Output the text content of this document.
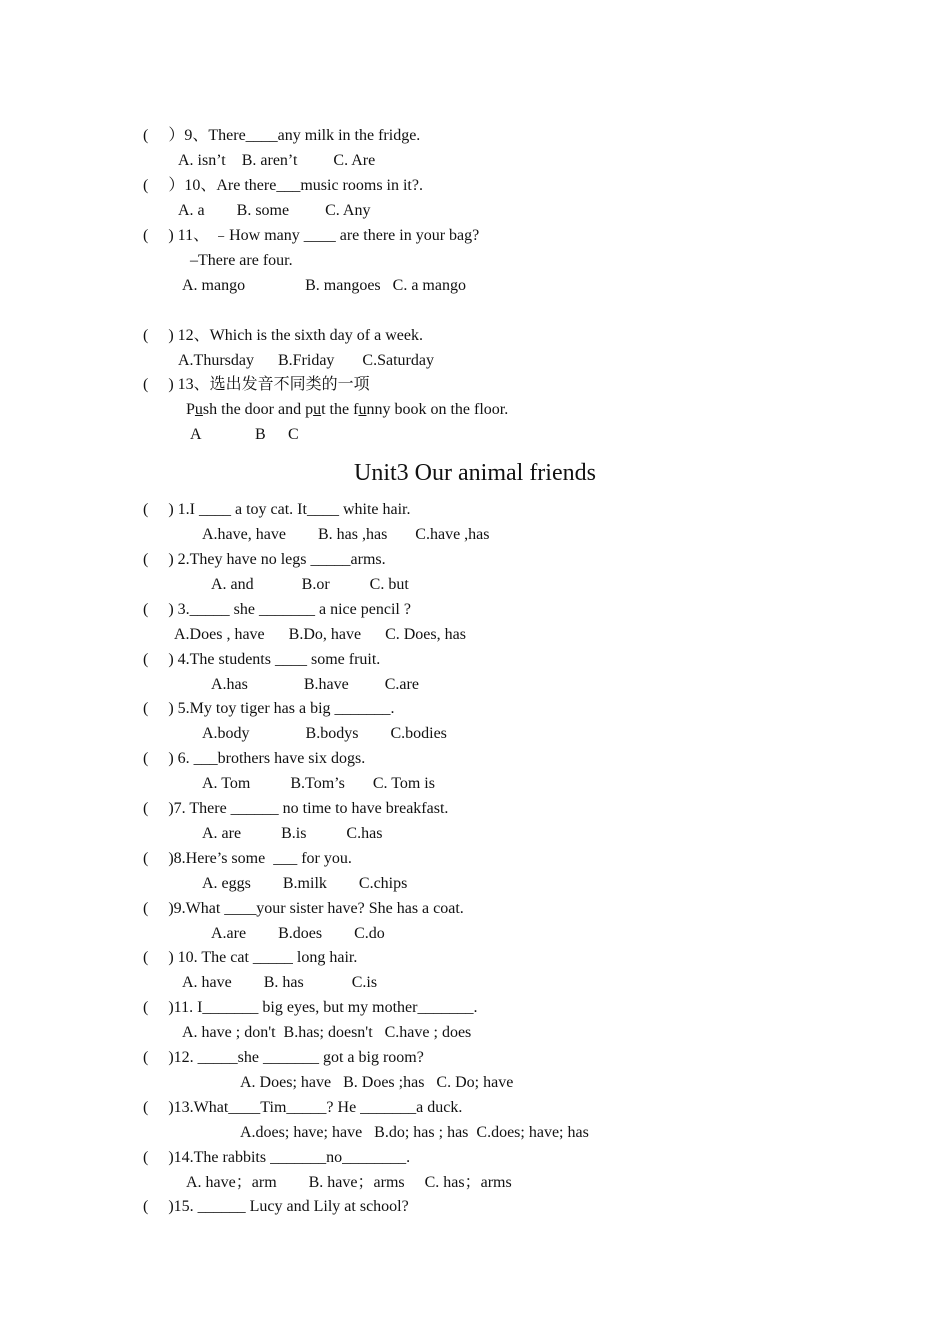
( ）9、There____any milk in the fridge.
A. isn’t    B. aren’t         C. Are
( ）10、Are there___music rooms in it?.
A. a        B. some         C. Any
( ) 11、 ﹣How many ____ are there in your bag?
–There are four.
A. mango               B. mangoes   C. a mango
( ) 12、Which is the sixth day of a week.
A.Thursday      B.Friday       C.Saturday
( ) 13、选出发音不同类的一项
Push the door and put the funny book on the floor.
A	B C
Unit3 Our animal friends
(     ) 1.I ____ a toy cat. It____ white hair.
A.have, have        B. has ,has       C.have ,has
(     ) 2.They have no legs _____arms.
A. and            B.or          C. but
(     ) 3._____ she _______ a nice pencil ?
A.Does , have      B.Do, have      C. Does, has
(     ) 4.The students ____ some fruit.
A.has              B.have         C.are
(     ) 5.My toy tiger has a big _______.
A.body              B.bodys        C.bodies
(     ) 6. ___brothers have six dogs.
A. Tom          B.Tom’s       C. Tom is
(     )7. There ______ no time to have breakfast.
A. are          B.is          C.has
(     )8.Here’s some  ___ for you.
A. eggs        B.milk        C.chips
(     )9.What ____your sister have? She has a coat.
A.are        B.does        C.do
(     ) 10. The cat _____ long hair.
A. have        B. has            C.is
(     )11. I_______ big eyes, but my mother_______.
A. have ; don't  B.has; doesn't   C.have ; does
(     )12. _____she _______ got a big room?
A. Does; have   B. Does ;has   C. Do; have
(     )13.What____Tim_____? He _______a duck.
A.does; have; have   B.do; has ; has  C.does; have; has
(     )14.The rabbits _______no________.
A. have；arm        B. have；arms     C. has；arms
(     )15. ______ Lucy and Lily at school?
